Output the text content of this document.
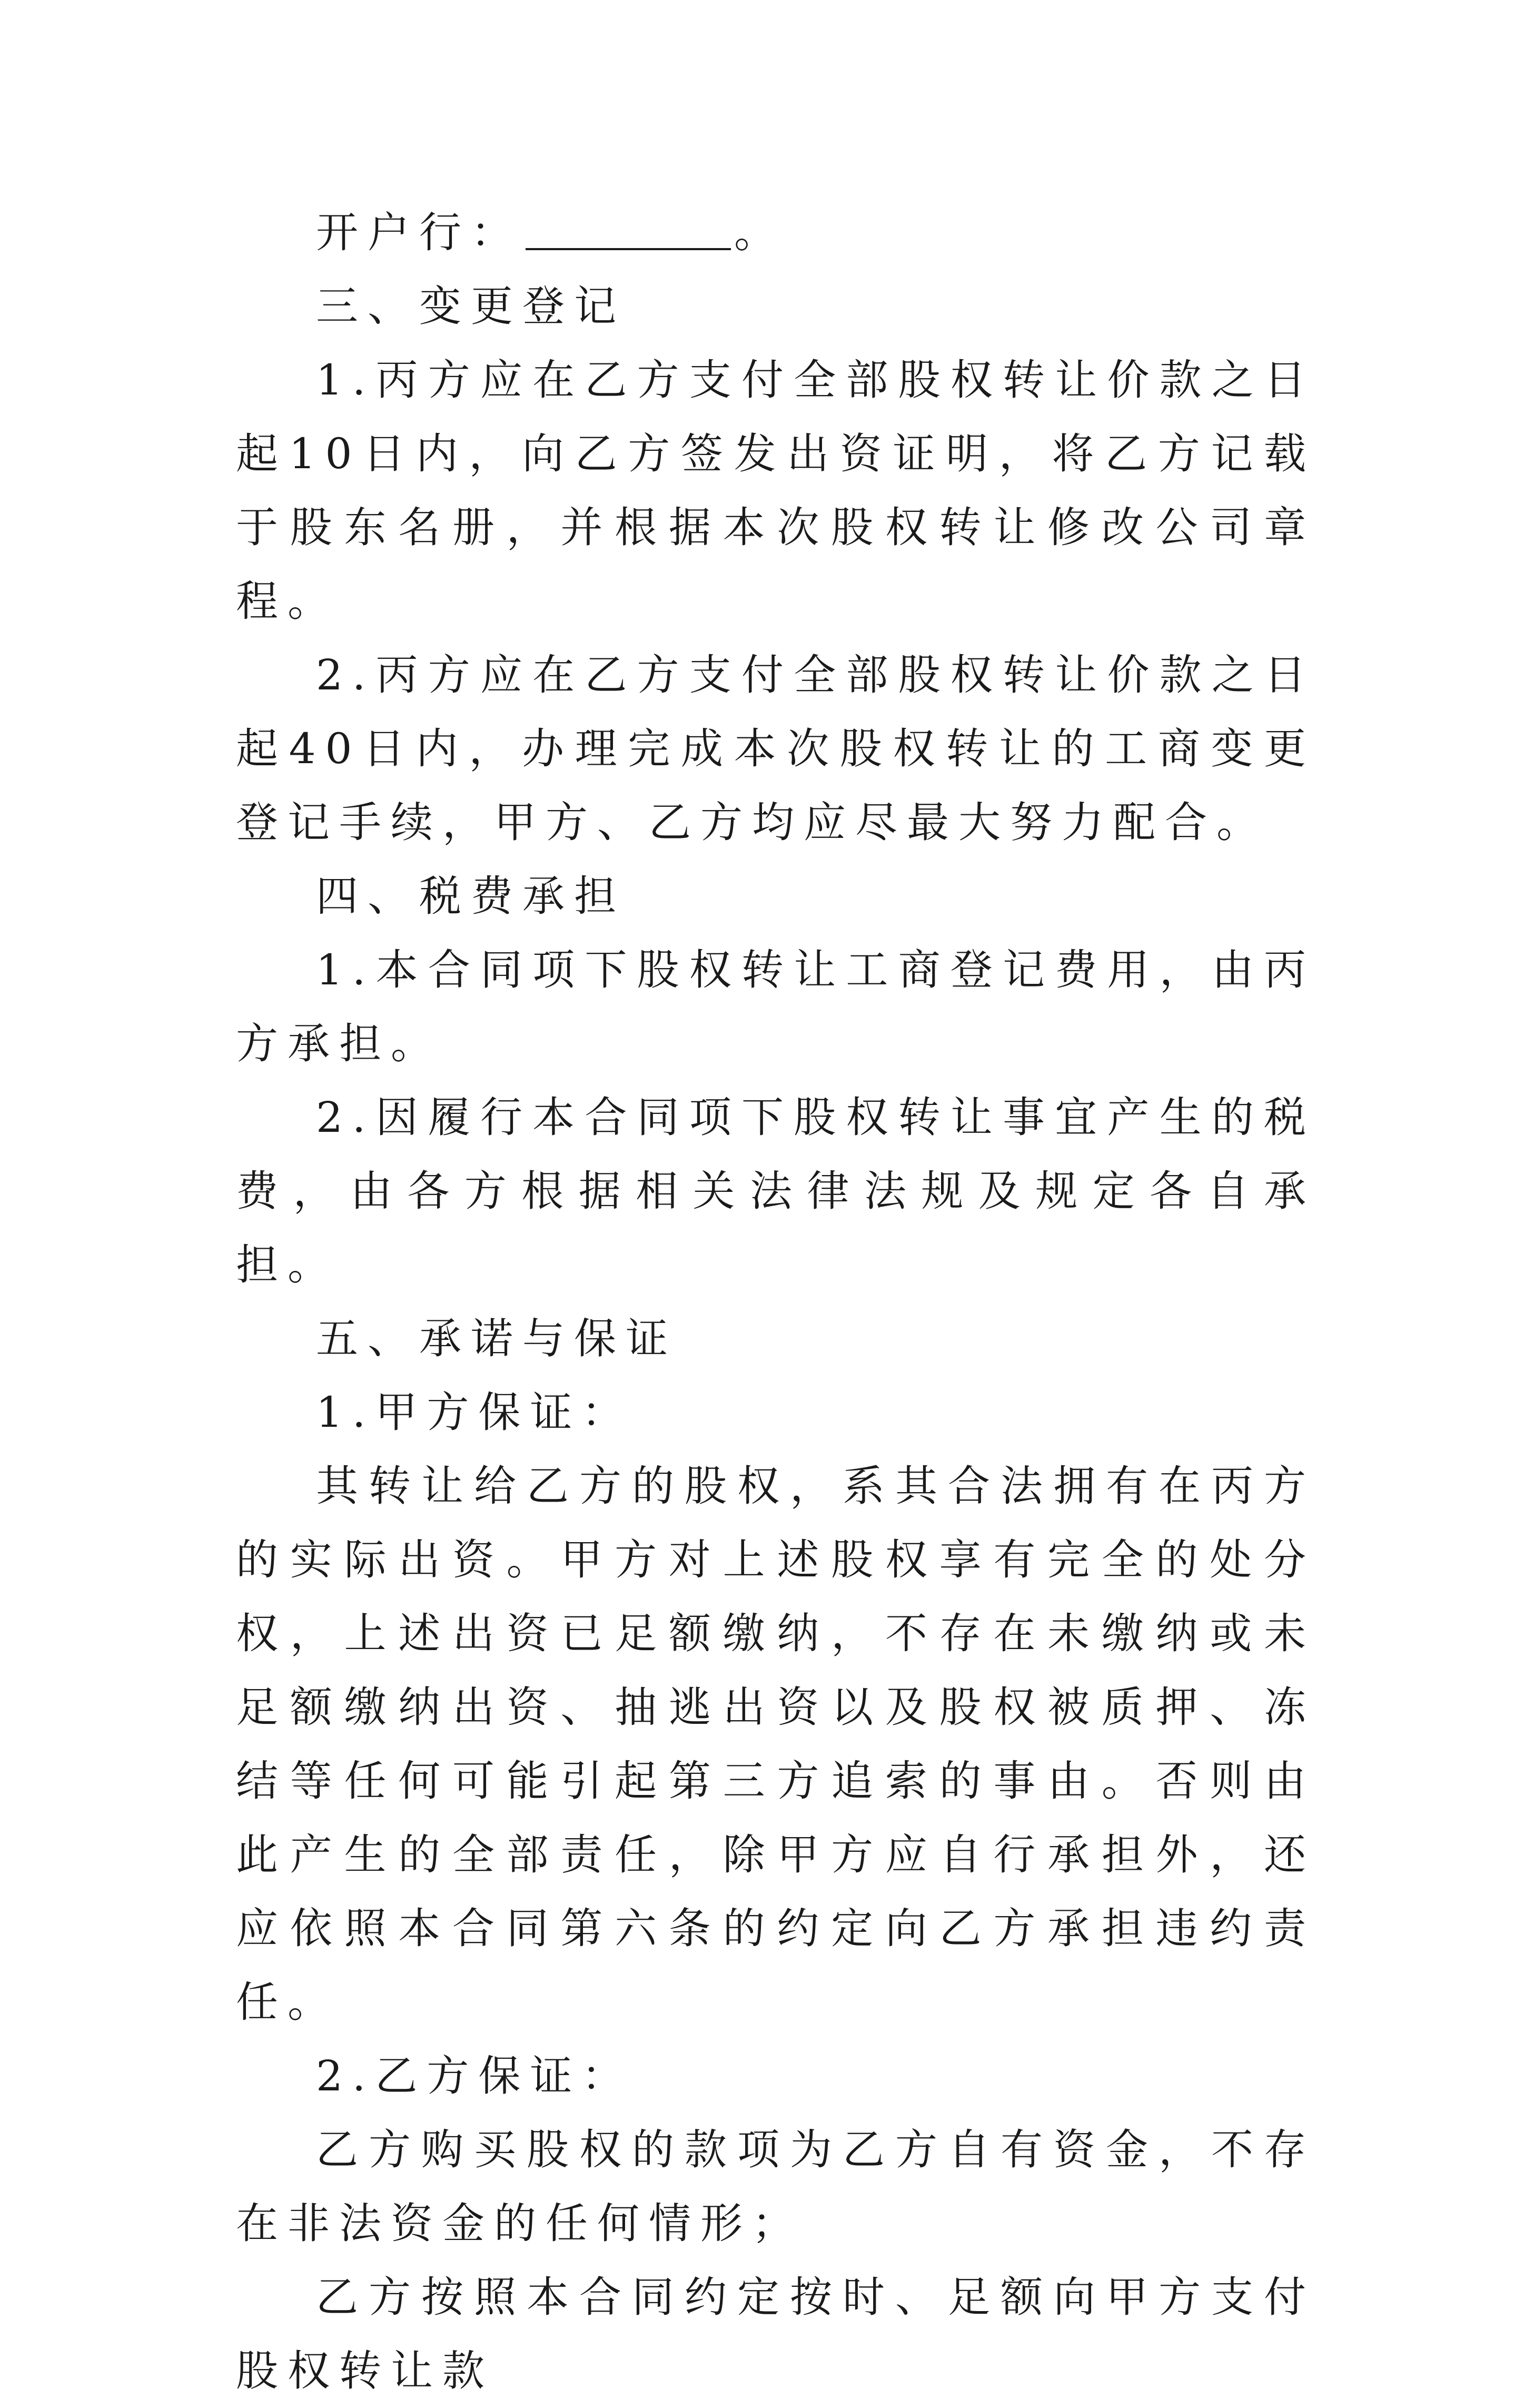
开户行：	。

三、变更登记

1.丙方应在乙方支付全部股权转让价款之日起10日内，向乙方签发出资证明，将乙方记载于股东名册，并根据本次股权转让修改公司章程。

2.丙方应在乙方支付全部股权转让价款之日起40日内，办理完成本次股权转让的工商变更登记手续，甲方、乙方均应尽最大努力配合。

四、税费承担

1.本合同项下股权转让工商登记费用，由丙方承担。

2.因履行本合同项下股权转让事宜产生的税费，由各方根据相关法律法规及规定各自承担。

五、承诺与保证

1.甲方保证：

其转让给乙方的股权，系其合法拥有在丙方的实际出资。甲方对上述股权享有完全的处分权，上述出资已足额缴纳，不存在未缴纳或未足额缴纳出资、抽逃出资以及股权被质押、冻结等任何可能引起第三方追索的事由。否则由此产生的全部责任，除甲方应自行承担外，还应依照本合同第六条的约定向乙方承担违约责任。

2.乙方保证：

乙方购买股权的款项为乙方自有资金，不存在非法资金的任何情形；

乙方按照本合同约定按时、足额向甲方支付股权转让款
